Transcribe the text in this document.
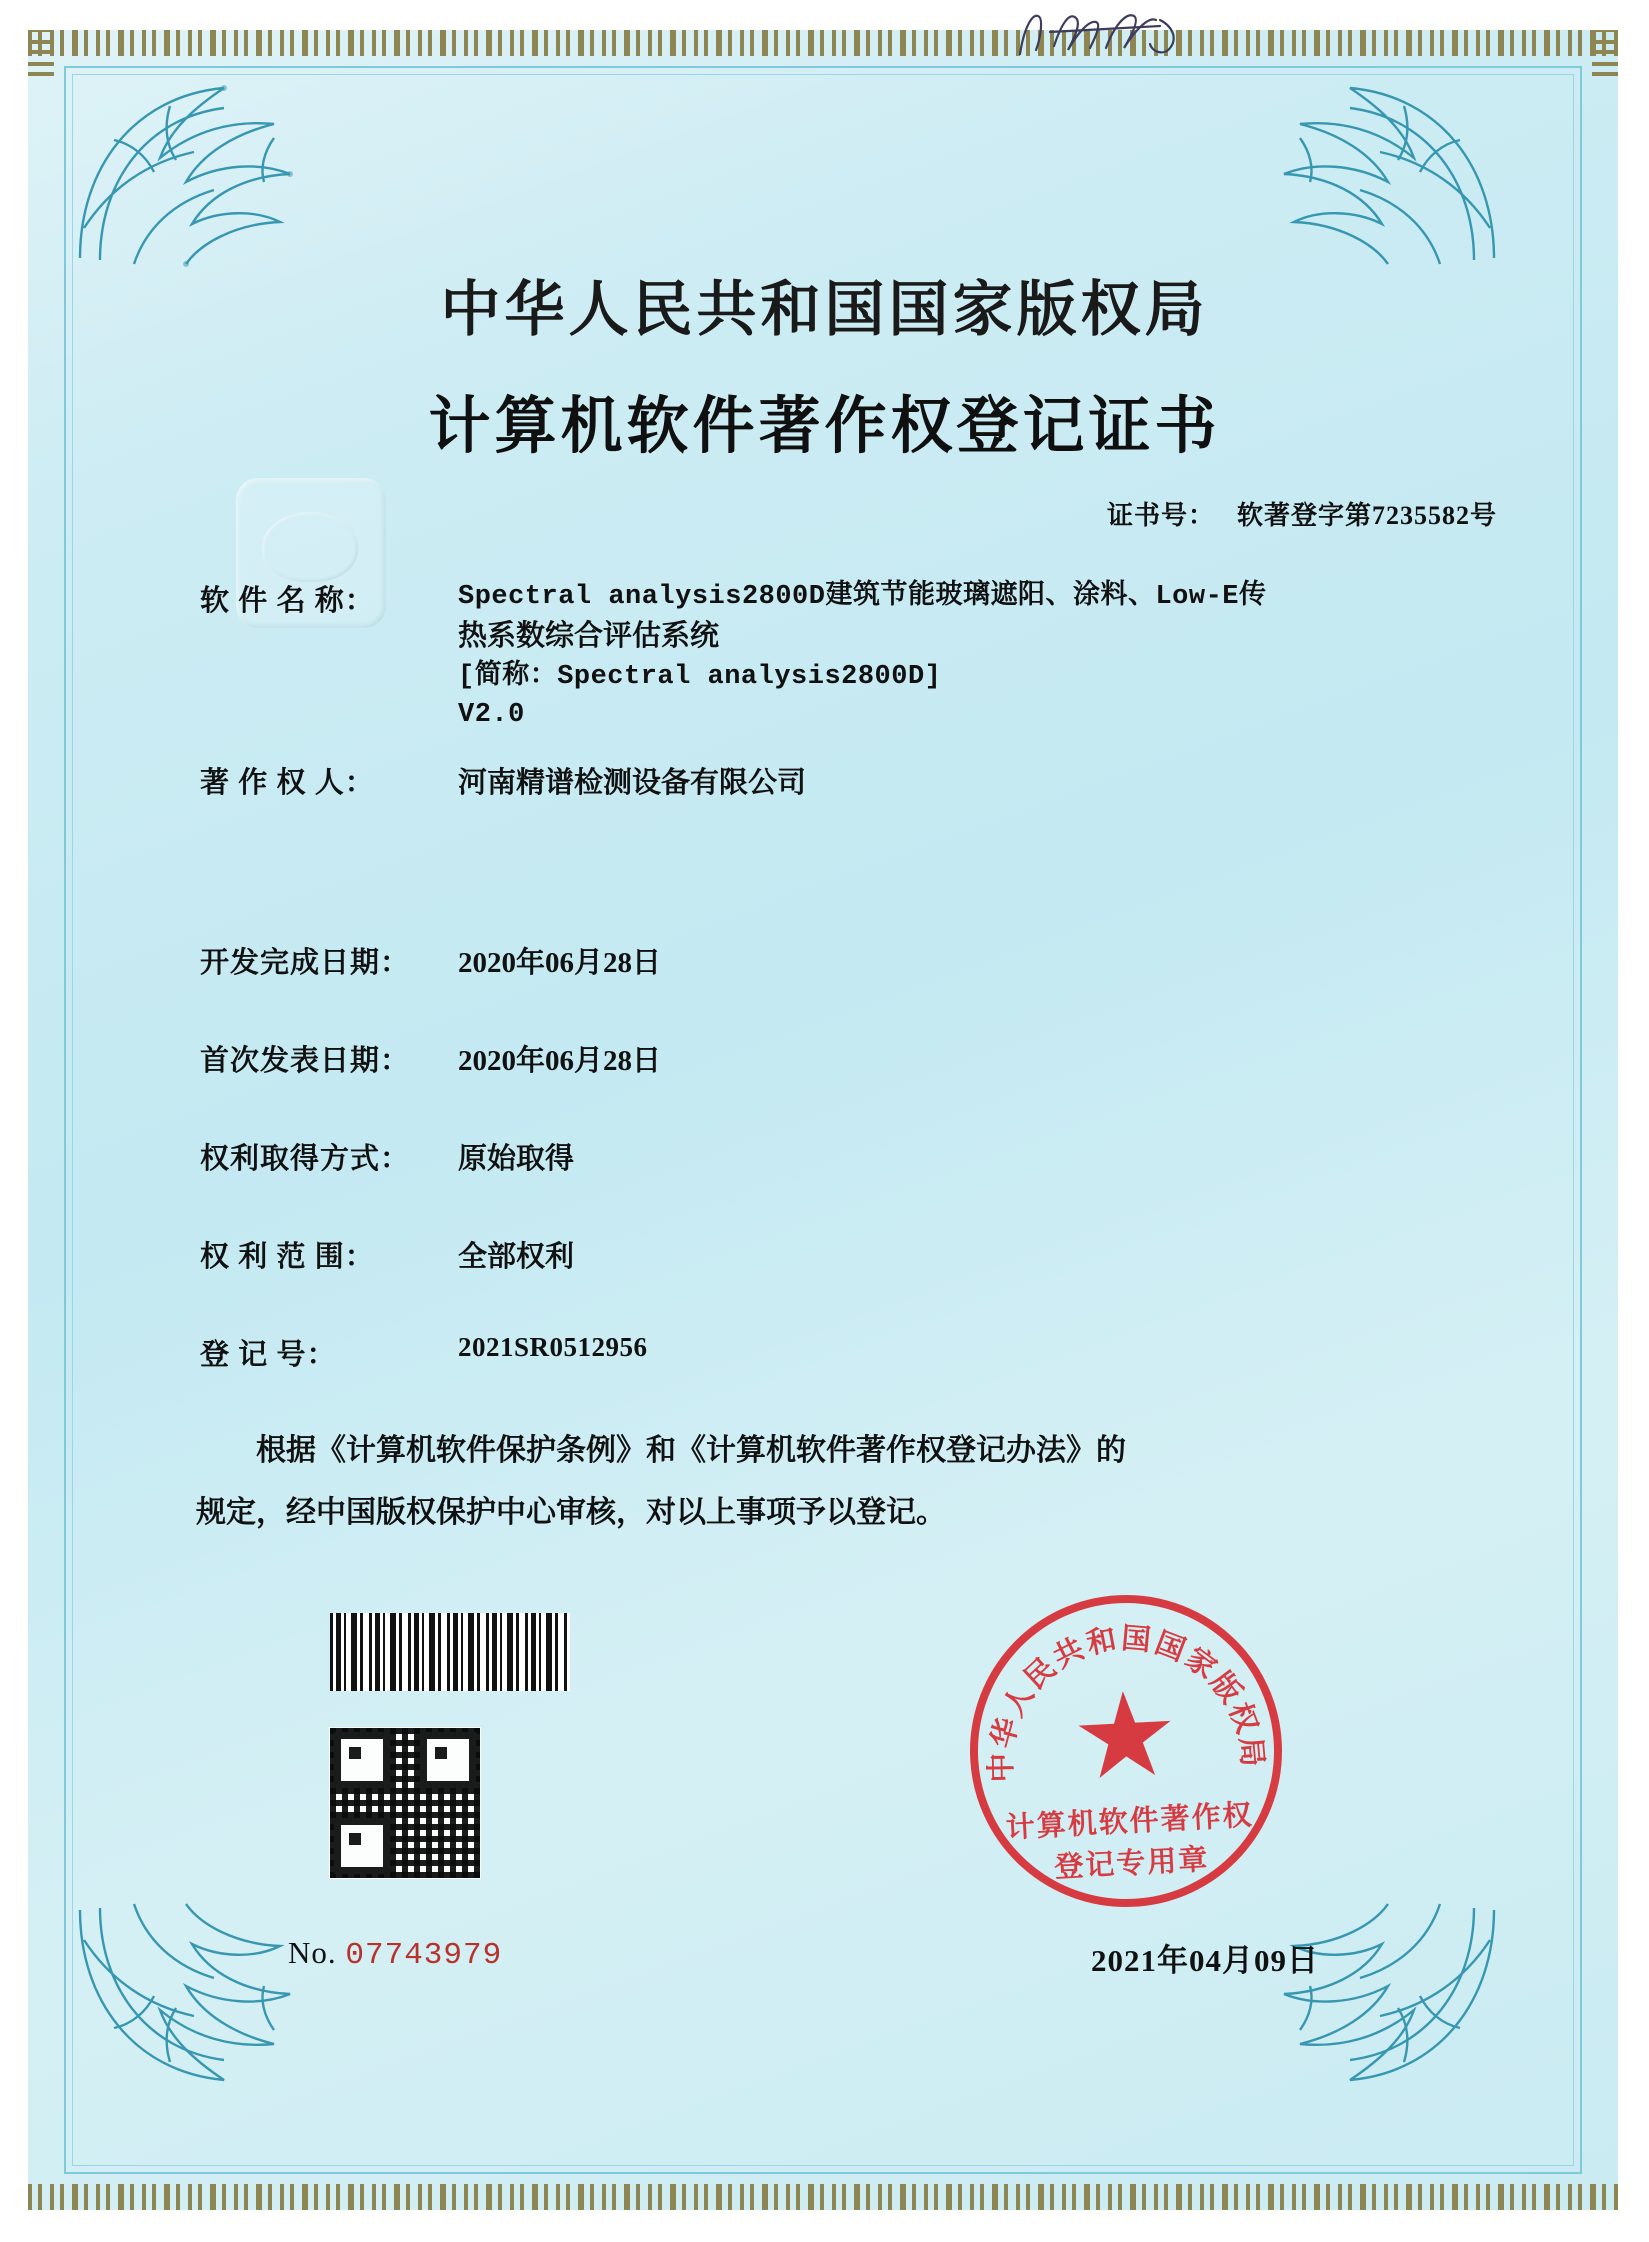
中华人民共和国国家版权局
计算机软件著作权登记证书
证书号： 软著登字第7235582号
软 件 名 称：	Spectral analysis2800D建筑节能玻璃遮阳、涂料、Low-E传
热系数综合评估系统
[简称：Spectral analysis2800D]
V2.0
著 作 权 人：	河南精谱检测设备有限公司
开发完成日期：	2020年06月28日
首次发表日期：	2020年06月28日
权利取得方式：	原始取得
权 利 范 围：	全部权利
登 记 号：	2021SR0512956
根据《计算机软件保护条例》和《计算机软件著作权登记办法》的
规定，经中国版权保护中心审核，对以上事项予以登记。
中华人民共和国国家版权局
计算机软件著作权
登记专用章
No. 07743979	2021年04月09日
